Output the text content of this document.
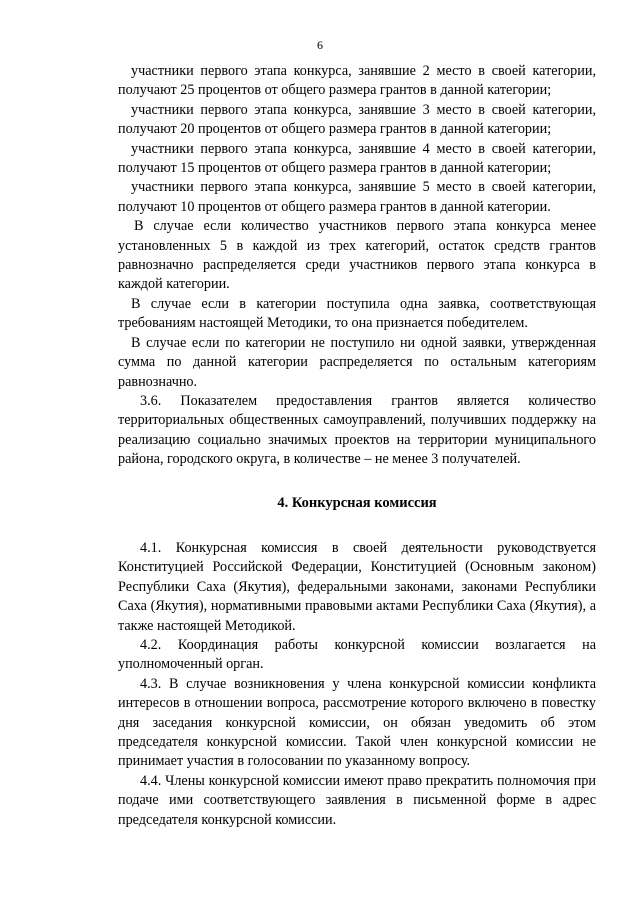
6

участники первого этапа конкурса, занявшие 2 место в своей категории, получают 25 процентов от общего размера грантов в данной категории;

участники первого этапа конкурса, занявшие 3 место в своей категории, получают 20 процентов от общего размера грантов в данной категории;

участники первого этапа конкурса, занявшие 4 место в своей категории, получают 15 процентов от общего размера грантов в данной категории;

участники первого этапа конкурса, занявшие 5 место в своей категории, получают 10 процентов от общего размера грантов в данной категории.

В случае если количество участников первого этапа конкурса менее установленных 5 в каждой из трех категорий, остаток средств грантов равнозначно распределяется среди участников первого этапа конкурса в каждой категории.

В случае если в категории поступила одна заявка, соответствующая требованиям настоящей Методики, то она признается победителем.

В случае если по категории не поступило ни одной заявки, утвержденная сумма по данной категории распределяется по остальным категориям равнозначно.

3.6. Показателем предоставления грантов является количество территориальных общественных самоуправлений, получивших поддержку на реализацию социально значимых проектов на территории муниципального района, городского округа, в количестве – не менее 3 получателей.

4. Конкурсная комиссия

4.1. Конкурсная комиссия в своей деятельности руководствуется Конституцией Российской Федерации, Конституцией (Основным законом) Республики Саха (Якутия), федеральными законами, законами Республики Саха (Якутия), нормативными правовыми актами Республики Саха (Якутия), а также настоящей Методикой.

4.2. Координация работы конкурсной комиссии возлагается на уполномоченный орган.

4.3. В случае возникновения у члена конкурсной комиссии конфликта интересов в отношении вопроса, рассмотрение которого включено в повестку дня заседания конкурсной комиссии, он обязан уведомить об этом председателя конкурсной комиссии. Такой член конкурсной комиссии не принимает участия в голосовании по указанному вопросу.

4.4. Члены конкурсной комиссии имеют право прекратить полномочия при подаче ими соответствующего заявления в письменной форме в адрес председателя конкурсной комиссии.
